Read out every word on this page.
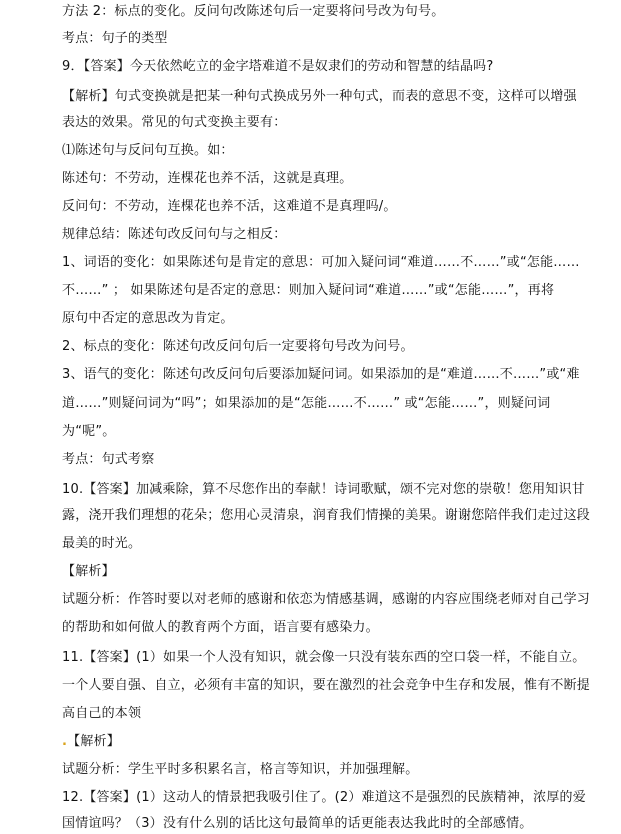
方法 2：标点的变化。反问句改陈述句后一定要将问号改为句号。
考点：句子的类型
9．【答案】今天依然屹立的金字塔难道不是奴隶们的劳动和智慧的结晶吗?
【解析】句式变换就是把某一种句式换成另外一种句式，而表的意思不变，这样可以增强
表达的效果。常见的句式变换主要有：
⑴陈述句与反问句互换。如：
陈述句：不劳动，连棵花也养不活，这就是真理。
反问句：不劳动，连棵花也养不活，这难道不是真理吗/。
规律总结：陈述句改反问句与之相反：
1、词语的变化：如果陈述句是肯定的意思：可加入疑问词“难道……不……”或“怎能……
不……” ； 如果陈述句是否定的意思：则加入疑问词“难道……”或“怎能……”，再将
原句中否定的意思改为肯定。
2、标点的变化：陈述句改反问句后一定要将句号改为问号。
3、语气的变化：陈述句改反问句后要添加疑问词。如果添加的是“难道……不……”或“难
道……”则疑问词为“吗”；如果添加的是“怎能……不……” 或“怎能……”，则疑问词
为“呢”。
考点：句式考察
10.【答案】加减乘除，算不尽您作出的奉献！诗词歌赋，颂不完对您的崇敬！您用知识甘
露，浇开我们理想的花朵；您用心灵清泉，润育我们情操的美果。谢谢您陪伴我们走过这段
最美的时光。
【解析】
试题分析：作答时要以对老师的感谢和依恋为情感基调，感谢的内容应围绕老师对自己学习
的帮助和如何做人的教育两个方面，语言要有感染力。
11.【答案】(1）如果一个人没有知识，就会像一只没有装东西的空口袋一样，不能自立。
一个人要自强、自立，必须有丰富的知识，要在激烈的社会竞争中生存和发展，惟有不断提
高自己的本领
.【解析】
试题分析：学生平时多积累名言，格言等知识，并加强理解。
12.【答案】(1）这动人的情景把我吸引住了。(2）难道这不是强烈的民族精神，浓厚的爱
国情谊吗？（3）没有什么别的话比这句最简单的话更能表达我此时的全部感情。
